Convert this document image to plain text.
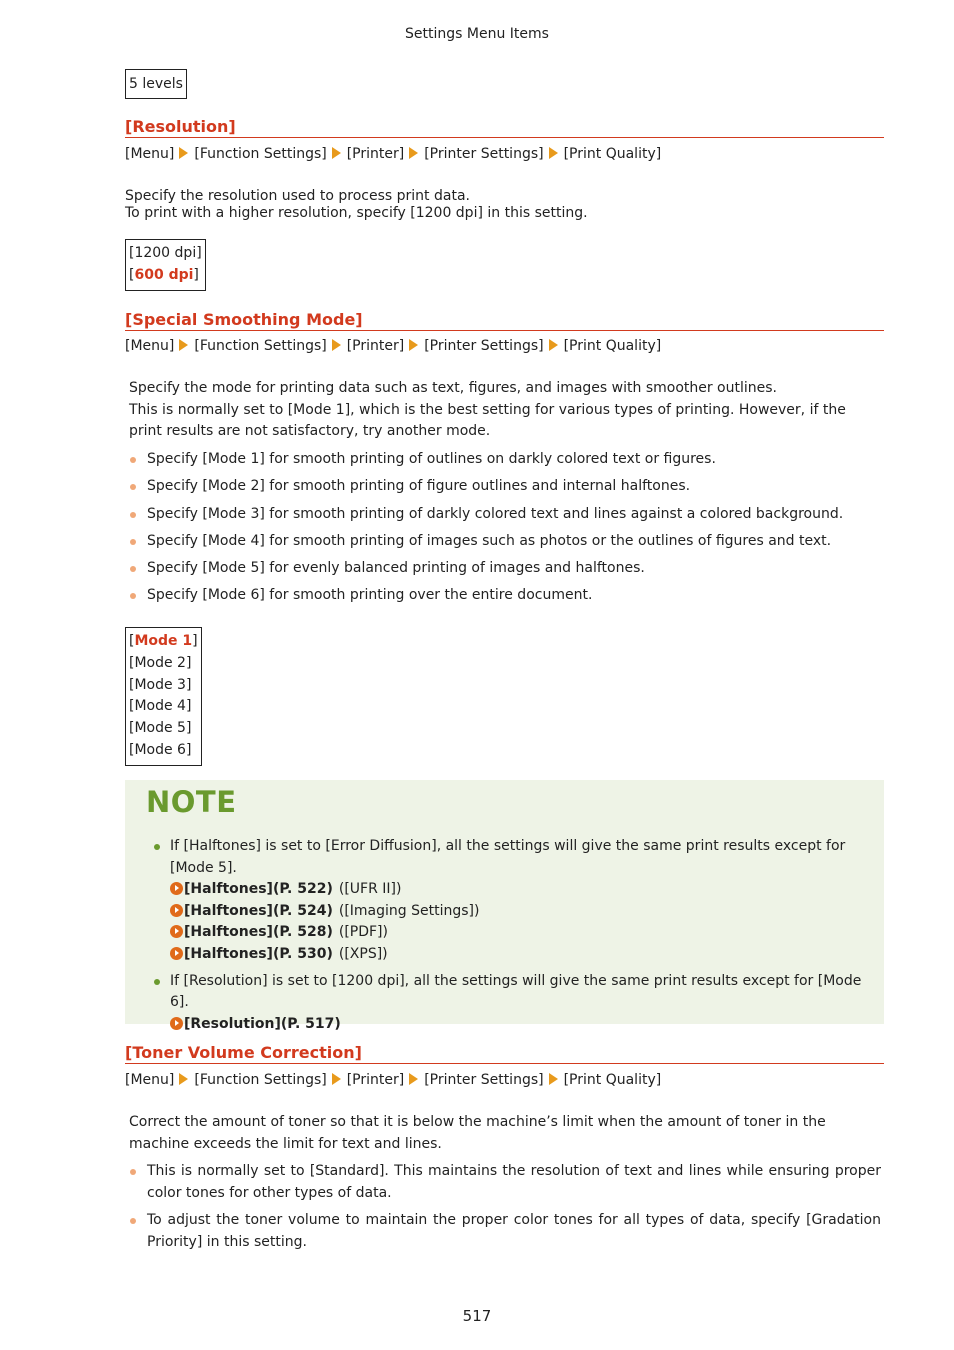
Settings Menu Items
5 levels
[Resolution]
[Menu] [Function Settings] [Printer] [Printer Settings] [Print Quality]
Specify the resolution used to process print data.
To print with a higher resolution, specify [1200 dpi] in this setting.
[1200 dpi]
[600 dpi]
[Special Smoothing Mode]
[Menu] [Function Settings] [Printer] [Printer Settings] [Print Quality]
Specify the mode for printing data such as text, figures, and images with smoother outlines.
This is normally set to [Mode 1], which is the best setting for various types of printing. However, if the print results are not satisfactory, try another mode.
Specify [Mode 1] for smooth printing of outlines on darkly colored text or figures.
Specify [Mode 2] for smooth printing of figure outlines and internal halftones.
Specify [Mode 3] for smooth printing of darkly colored text and lines against a colored background.
Specify [Mode 4] for smooth printing of images such as photos or the outlines of figures and text.
Specify [Mode 5] for evenly balanced printing of images and halftones.
Specify [Mode 6] for smooth printing over the entire document.
[Mode 1]
[Mode 2]
[Mode 3]
[Mode 4]
[Mode 5]
[Mode 6]
If [Halftones] is set to [Error Diffusion], all the settings will give the same print results except for [Mode 5].
[Halftones](P. 522) ([UFR II])
[Halftones](P. 524) ([Imaging Settings])
[Halftones](P. 528) ([PDF])
[Halftones](P. 530) ([XPS])
If [Resolution] is set to [1200 dpi], all the settings will give the same print results except for [Mode 6].
[Resolution](P. 517)
NOTE
[Toner Volume Correction]
[Menu] [Function Settings] [Printer] [Printer Settings] [Print Quality]
Correct the amount of toner so that it is below the machine’s limit when the amount of toner in the machine exceeds the limit for text and lines.
This is normally set to [Standard]. This maintains the resolution of text and lines while ensuring proper color tones for other types of data.
To adjust the toner volume to maintain the proper color tones for all types of data, specify [Gradation Priority] in this setting.
517
